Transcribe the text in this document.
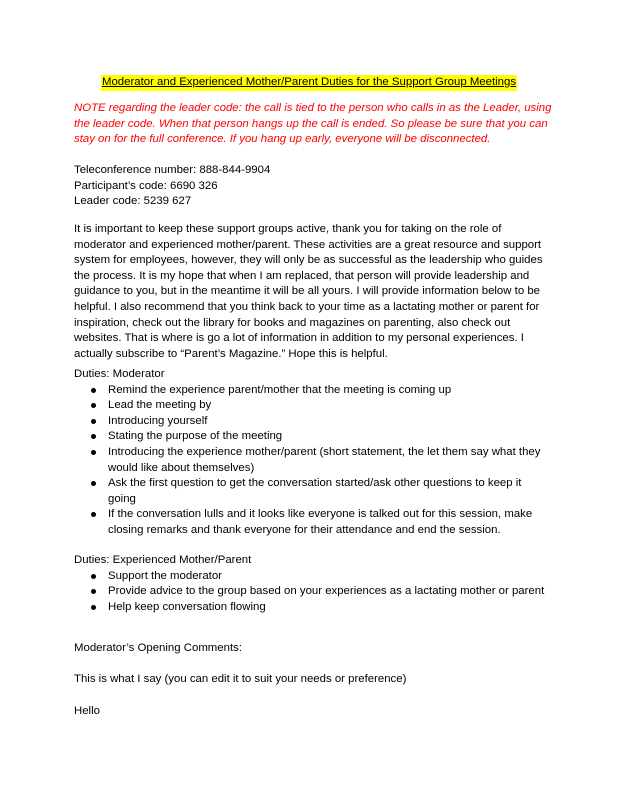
Moderator and Experienced Mother/Parent Duties for the Support Group Meetings
NOTE regarding the leader code: the call is tied to the person who calls in as the Leader, using
the leader code. When that person hangs up the call is ended. So please be sure that you can
stay on for the full conference. If you hang up early, everyone will be disconnected.
Teleconference number: 888-844-9904
Participant’s code: 6690 326
Leader code: 5239 627
It is important to keep these support groups active, thank you for taking on the role of
moderator and experienced mother/parent. These activities are a great resource and support
system for employees, however, they will only be as successful as the leadership who guides
the process. It is my hope that when I am replaced, that person will provide leadership and
guidance to you, but in the meantime it will be all yours. I will provide information below to be
helpful. I also recommend that you think back to your time as a lactating mother or parent for
inspiration, check out the library for books and magazines on parenting, also check out
websites. That is where is go a lot of information in addition to my personal experiences. I
actually subscribe to “Parent’s Magazine.” Hope this is helpful.
Duties: Moderator
Remind the experience parent/mother that the meeting is coming up
Lead the meeting by
Introducing yourself
Stating the purpose of the meeting
Introducing the experience mother/parent (short statement, the let them say what they
would like about themselves)
Ask the first question to get the conversation started/ask other questions to keep it
going
If the conversation lulls and it looks like everyone is talked out for this session, make
closing remarks and thank everyone for their attendance and end the session.
Duties: Experienced Mother/Parent
Support the moderator
Provide advice to the group based on your experiences as a lactating mother or parent
Help keep conversation flowing
Moderator’s Opening Comments:
This is what I say (you can edit it to suit your needs or preference)
Hello
